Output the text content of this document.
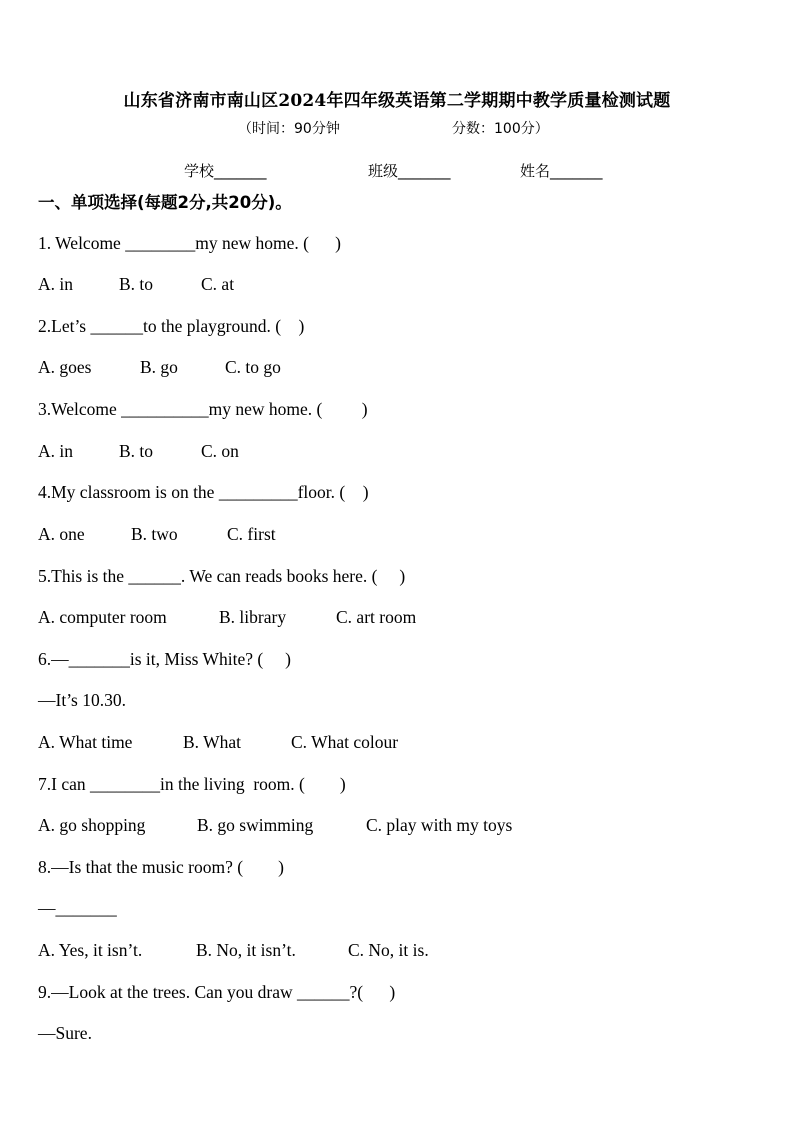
山东省济南市南山区2024年四年级英语第二学期期中教学质量检测试题
（时间：90分钟	分数：100分）
学校_______	班级_______	姓名_______
一、单项选择(每题2分,共20分)。
1. Welcome ________my new home. (      )
A. in	B. to	C. at
2.Let’s ______to the playground. (    )
A. goes	B. go	C. to go
3.Welcome __________my new home. (         )
A. in	B. to	C. on
4.My classroom is on the _________floor. (    )
A. one	B. two	C. first
5.This is the ______. We can reads books here. (     )
A. computer room	B. library	C. art room
6.—_______is it, Miss White? (     )
—It’s 10.30.
A. What time	B. What	C. What colour
7.I can ________in the living  room. (        )
A. go shopping	B. go swimming	C. play with my toys
8.—Is that the music room? (        )
—_______
A. Yes, it isn’t.	B. No, it isn’t.	C. No, it is.
9.—Look at the trees. Can you draw ______?(      )
—Sure.
